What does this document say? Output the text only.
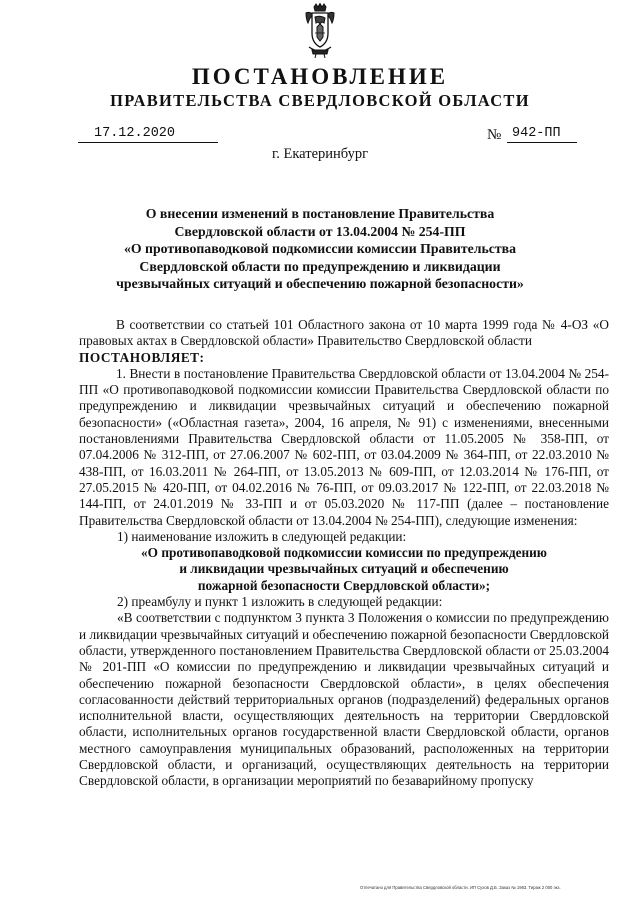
ПОСТАНОВЛЕНИЕ
ПРАВИТЕЛЬСТВА СВЕРДЛОВСКОЙ ОБЛАСТИ
17.12.2020	№ 942-ПП
г. Екатеринбург
О внесении изменений в постановление Правительства
Свердловской области от 13.04.2004 № 254-ПП
«О противопаводковой подкомиссии комиссии Правительства
Свердловской области по предупреждению и ликвидации
чрезвычайных ситуаций и обеспечению пожарной безопасности»

В соответствии со статьей 101 Областного закона от 10 марта 1999 года № 4-ОЗ «О правовых актах в Свердловской области» Правительство Свердловской области

ПОСТАНОВЛЯЕТ:

1. Внести в постановление Правительства Свердловской области от 13.04.2004 № 254-ПП «О противопаводковой подкомиссии комиссии Правительства Свердловской области по предупреждению и ликвидации чрезвычайных ситуаций и обеспечению пожарной безопасности» («Областная газета», 2004, 16 апреля, № 91) с изменениями, внесенными постановлениями Правительства Свердловской области от 11.05.2005 № 358-ПП, от 07.04.2006 № 312-ПП, от 27.06.2007 № 602-ПП, от 03.04.2009 № 364-ПП, от 22.03.2010 № 438-ПП, от 16.03.2011 № 264-ПП, от 13.05.2013 № 609-ПП, от 12.03.2014 № 176-ПП, от 27.05.2015 № 420-ПП, от 04.02.2016 № 76-ПП, от 09.03.2017 № 122-ПП, от 22.03.2018 № 144-ПП, от 24.01.2019 № 33-ПП и от 05.03.2020 № 117-ПП (далее – постановление Правительства Свердловской области от 13.04.2004 № 254-ПП), следующие изменения:

1) наименование изложить в следующей редакции:

«О противопаводковой подкомиссии комиссии по предупреждению
и ликвидации чрезвычайных ситуаций и обеспечению
пожарной безопасности Свердловской области»;

2) преамбулу и пункт 1 изложить в следующей редакции:

«В соответствии с подпунктом 3 пункта 3 Положения о комиссии по предупреждению и ликвидации чрезвычайных ситуаций и обеспечению пожарной безопасности Свердловской области, утвержденного постановлением Правительства Свердловской области от 25.03.2004 № 201-ПП «О комиссии по предупреждению и ликвидации чрезвычайных ситуаций и обеспечению пожарной безопасности Свердловской области», в целях обеспечения согласованности действий территориальных органов (подразделений) федеральных органов исполнительной власти, осуществляющих деятельность на территории Свердловской области, исполнительных органов государственной власти Свердловской области, органов местного самоуправления муниципальных образований, расположенных на территории Свердловской области, и организаций, осуществляющих деятельность на территории Свердловской области, в организации мероприятий по безаварийному пропуску

Отпечатано для Правительства Свердловской области. ИП Сухов Д.Б. Заказ № 1963. Тираж 2 000 экз.
